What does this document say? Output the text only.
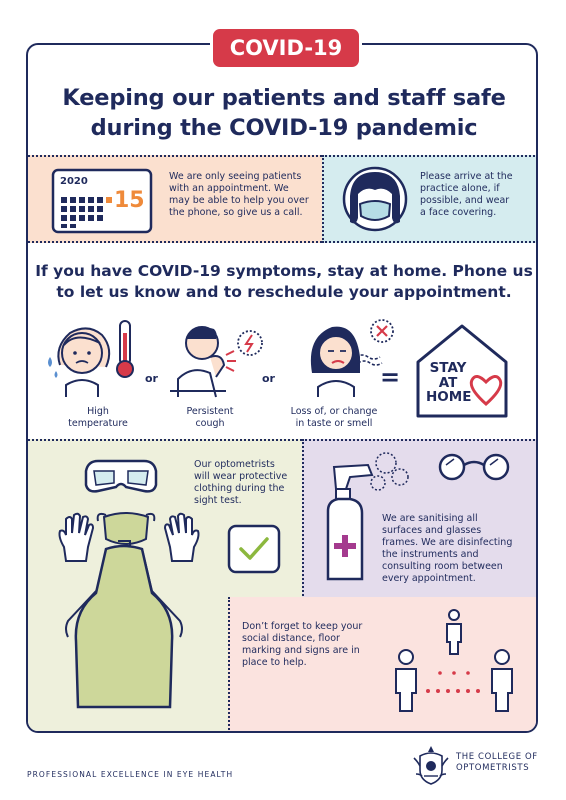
COVID-19
Keeping our patients and staff safe
during the COVID-19 pandemic
2020
15
We are only seeing patients
with an appointment. We
may be able to help you over
the phone, so give us a call.
Please arrive at the
practice alone, if
possible, and wear
a face covering.
If you have COVID-19 symptoms, stay at home. Phone us
to let us know and to reschedule your appointment.
or	or	=
High
temperature
Persistent
cough
Loss of, or change
in taste or smell
STAY
AT
HOME
Our optometrists
will wear protective
clothing during the
sight test.
We are sanitising all
surfaces and glasses
frames. We are disinfecting
the instruments and
consulting room between
every appointment.
Don’t forget to keep your
social distance, floor
marking and signs are in
place to help.
PROFESSIONAL EXCELLENCE IN EYE HEALTH
THE COLLEGE OF
OPTOMETRISTS
